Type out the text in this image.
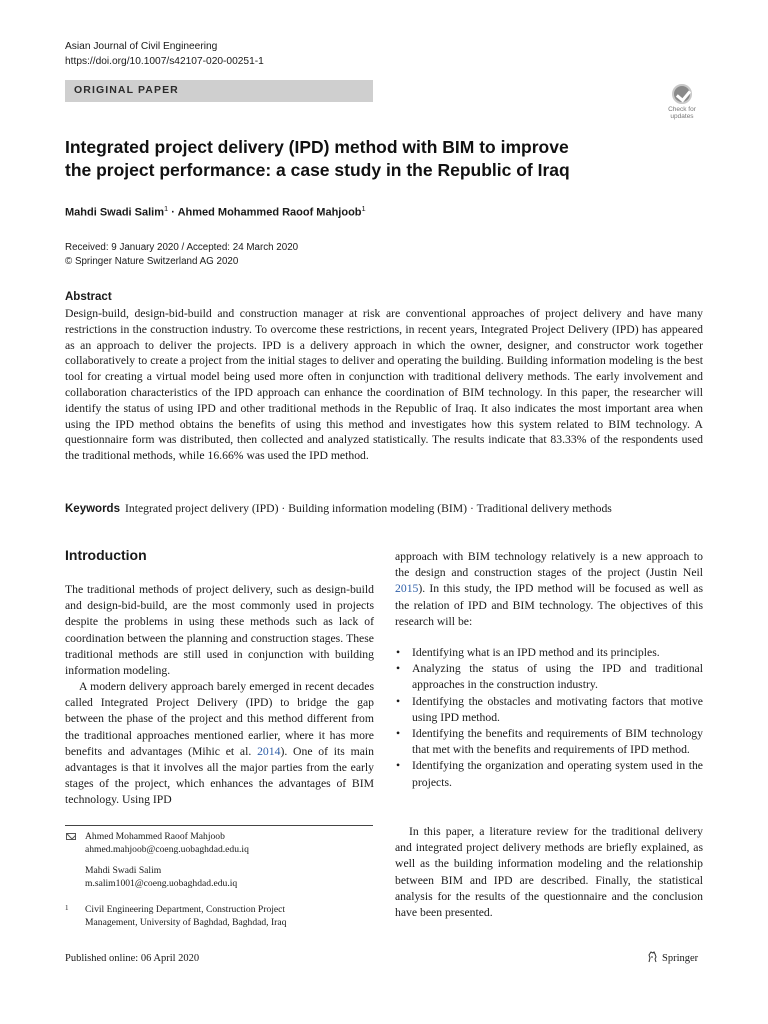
Asian Journal of Civil Engineering
https://doi.org/10.1007/s42107-020-00251-1
ORIGINAL PAPER
Check for
updates
Integrated project delivery (IPD) method with BIM to improve
the project performance: a case study in the Republic of Iraq
Mahdi Swadi Salim$^1$ · Ahmed Mohammed Raoof Mahjoob$^1$
Received: 9 January 2020 / Accepted: 24 March 2020
© Springer Nature Switzerland AG 2020
Abstract
Design-build, design-bid-build and construction manager at risk are conventional approaches of project delivery and have many restrictions in the construction industry. To overcome these restrictions, in recent years, Integrated Project Delivery (IPD) has appeared as an approach to deliver the projects. IPD is a delivery approach in which the owner, designer, and constructor work together collaboratively to create a project from the initial stages to deliver and operating the building. Building information modeling is the best tool for creating a virtual model being used more often in conjunction with traditional delivery methods. The early involvement and collaboration characteristics of the IPD approach can enhance the coordination of BIM technology. In this paper, the researcher will identify the status of using IPD and other traditional methods in the Republic of Iraq. It also indicates the most important area when using the IPD method obtains the benefits of using this method and investigates how this system related to BIM technology. A questionnaire form was distributed, then collected and analyzed statistically. The results indicate that 83.33% of the respondents used the traditional methods, while 16.66% was used the IPD method.
Keywords Integrated project delivery (IPD) · Building information modeling (BIM) · Traditional delivery methods
Introduction

The traditional methods of project delivery, such as design-build and design-bid-build, are the most commonly used in projects despite the problems in using these methods such as lack of coordination between the planning and construction stages. These traditional methods are still used in conjunction with building information modeling.

A modern delivery approach barely emerged in recent decades called Integrated Project Delivery (IPD) to bridge the gap between the phase of the project and this method different from the traditional approaches mentioned earlier, where it has more benefits and advantages (Mihic et al. 2014). One of its main advantages is that it involves all the major parties from the early stages of the project, which enhances the advantages of BIM technology. Using IPD

approach with BIM technology relatively is a new approach to the design and construction stages of the project (Justin Neil 2015). In this study, the IPD method will be focused as well as the relation of IPD and BIM technology. The objectives of this research will be:

• Identifying what is an IPD method and its principles.
• Analyzing the status of using the IPD and traditional approaches in the construction industry.
• Identifying the obstacles and motivating factors that motive using IPD method.
• Identifying the benefits and requirements of BIM technology that met with the benefits and requirements of IPD method.
• Identifying the organization and operating system used in the projects.

In this paper, a literature review for the traditional delivery and integrated project delivery methods are briefly explained, as well as the building information modeling and the relationship between BIM and IPD are described. Finally, the statistical analysis for the results of the questionnaire and the conclusion have been presented.

Ahmed Mohammed Raoof Mahjoob
ahmed.mahjoob@coeng.uobaghdad.edu.iq
Mahdi Swadi Salim
m.salim1001@coeng.uobaghdad.edu.iq
1 Civil Engineering Department, Construction Project
Management, University of Baghdad, Baghdad, Iraq
Published online: 06 April 2020	Springer
